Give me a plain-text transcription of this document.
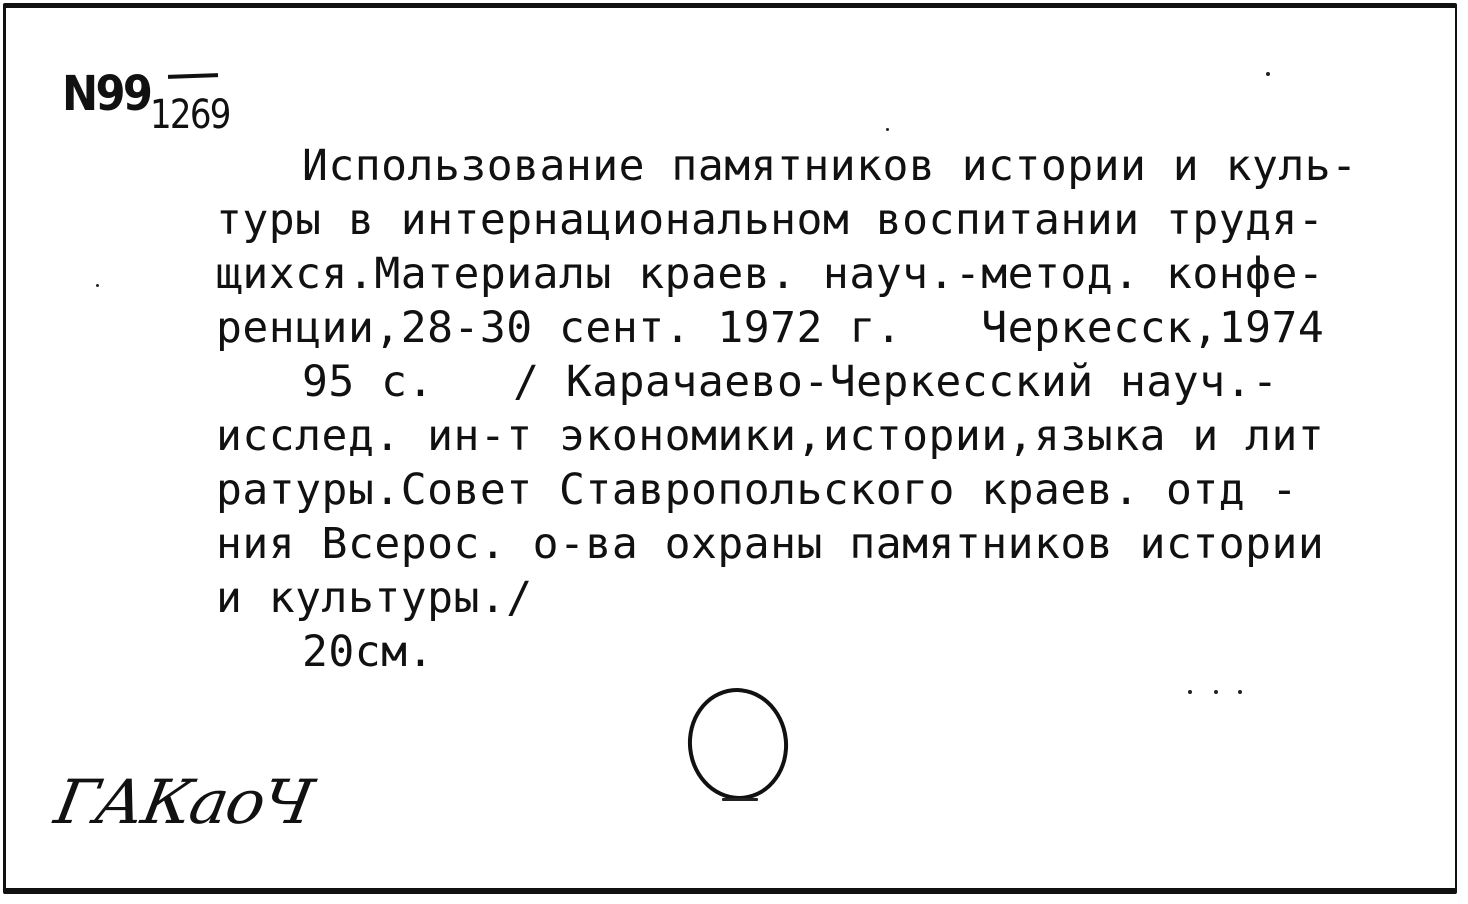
N99 1269

Использование памятников истории и куль-

туры в интернациональном воспитании трудя-

щихся.Материалы краев. науч.-метод. конфе-

ренции,28-30 сент. 1972 г.   Черкесск,1974

95 с.   / Карачаево-Черкесский науч.-

исслед. ин-т экономики,истории,языка и лит

ратуры.Совет Ставропольского краев. отд -

ния Всерос. о-ва охраны памятников истории

и культуры./

20см.

ГАКаоЧ
